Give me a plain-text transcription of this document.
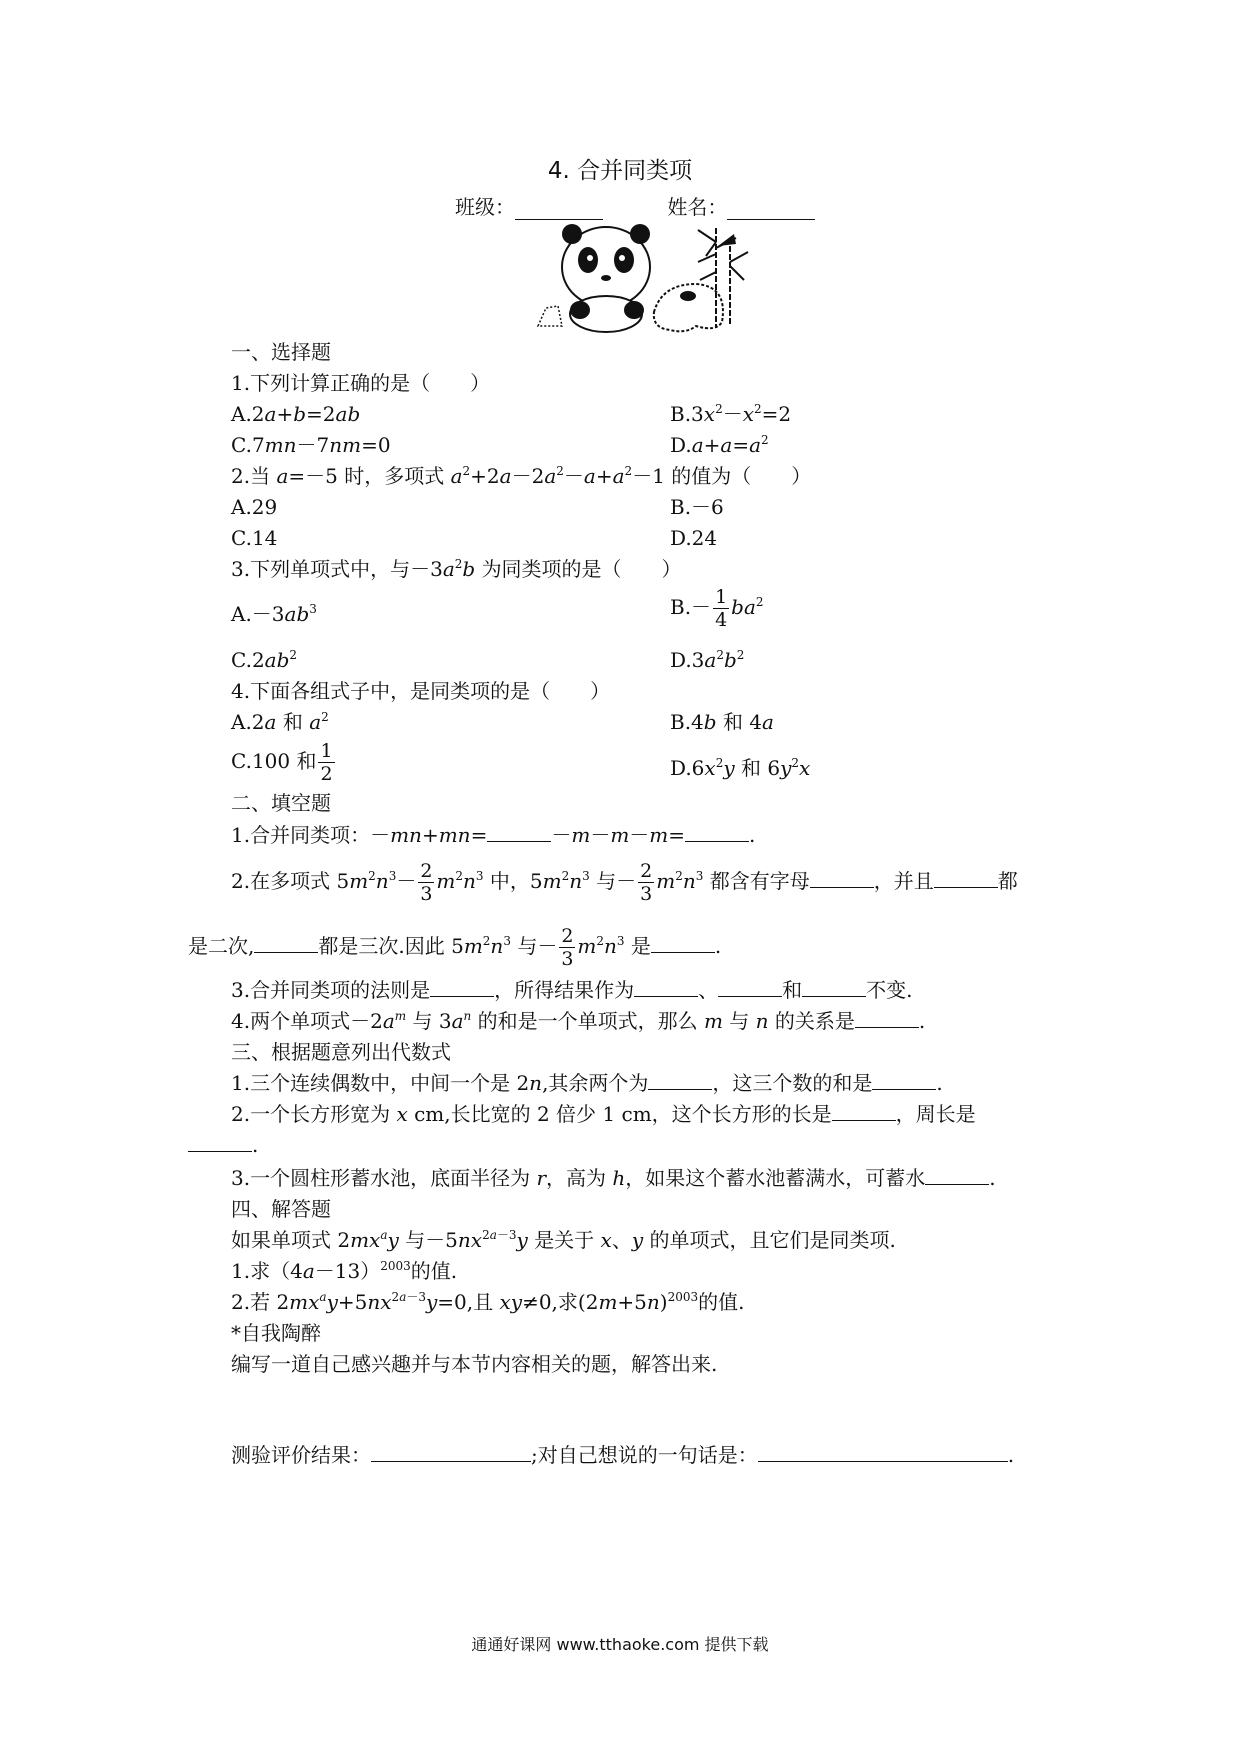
4. 合并同类项
班级：	姓名：
一、选择题
1.下列计算正确的是（　　）
A.2a+b=2ab	$B.3x^2-x^2=2$
C.7mn－7nm=0	$D.a+a=a^2$
2.当 a=－5 时，多项式 $a^2+2a-2a^2-a+a^2-1$ 的值为（　　）
A.29	B.－6
C.14	D.24
3.下列单项式中，与$-3a^2b$ 为同类项的是（　　）
$A.-3ab^3$	$B.- \frac{1}{4} ba^2$
$C.2ab^2$	$D.3a^2b^2$
4.下面各组式子中，是同类项的是（　　）
A.2a 和 $a^2$	B.4b 和 4a
C.100 和 $\frac{1}{2}$	$D.6x^2y$ 和 $6y^2x$
二、填空题
1.合并同类项：－mn+mn=	－m－m－m=	.
2.在多项式 $5m^2n^3- \frac{2}{3} m^2n^3$ 中，$5m^2n^3$ 与－ $\frac{2}{3} m^2n^3$ 都含有字母	，并且	都
是二次,	都是三次.因此 $5m^2n^3$ 与－ $\frac{2}{3} m^2n^3$ 是	.
3.合并同类项的法则是	，所得结果作为	、	和	不变.
4.两个单项式$-2a^m$ 与 $3a^n$ 的和是一个单项式，那么 m 与 n 的关系是	.
三、根据题意列出代数式
1.三个连续偶数中，中间一个是 2n,其余两个为	，这三个数的和是	.
2.一个长方形宽为 x cm,长比宽的 2 倍少 1 cm，这个长方形的长是	，周长是
.
3.一个圆柱形蓄水池，底面半径为 r，高为 h，如果这个蓄水池蓄满水，可蓄水	.
四、解答题
如果单项式 $2mx^ay$ 与$-5nx^{2a-3}y$ 是关于 x、y 的单项式，且它们是同类项.
1.求$(4a-13)^{2003}$的值.
2.若 $2mx^ay+5nx^{2a-3}y=0$,且 xy≠0,求$(2m+5n)^{2003}$的值.
*自我陶醉
编写一道自己感兴趣并与本节内容相关的题，解答出来.
测验评价结果：	;对自己想说的一句话是：	.
通通好课网 www.tthaoke.com 提供下载
